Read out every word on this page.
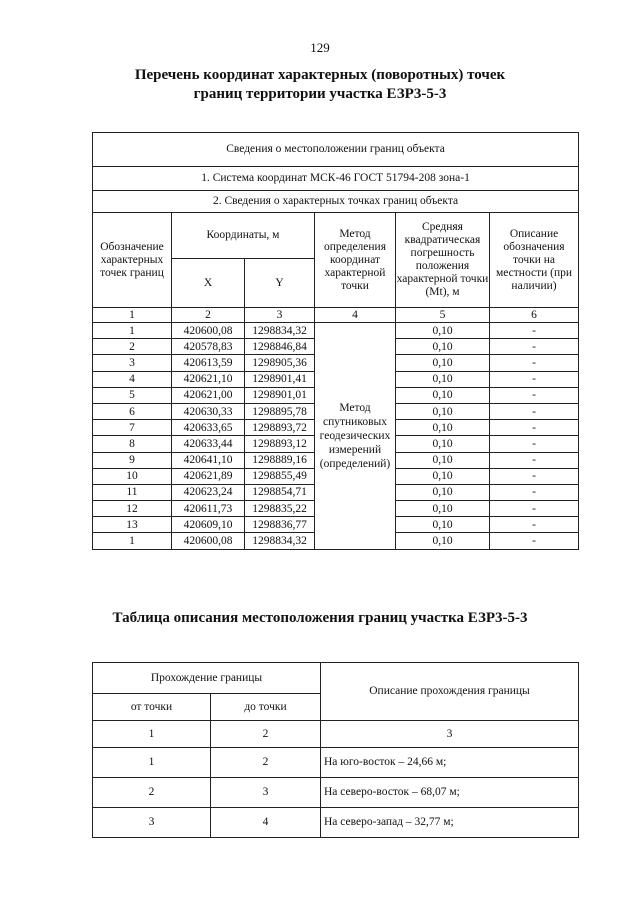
129
Перечень координат характерных (поворотных) точек
границ территории участка ЕЗР3-5-3
Сведения о местоположении границ объекта					
1. Система координат МСК-46 ГОСТ 51794-208 зона-1					
2. Сведения о характерных точках границ объекта					
Обозначение характерных точек границ	Координаты, м		Метод определения координат характерной точки	Средняя квадратическая погрешность положения характерной точки (Mt), м	Описание обозначения точки на местности (при наличии)
	X	Y			
1	2	3	4	5	6
1	420600,08	1298834,32	Метод спутниковых геодезических измерений (определений)	0,10	-
2	420578,83	1298846,84		0,10	-
3	420613,59	1298905,36		0,10	-
4	420621,10	1298901,41		0,10	-
5	420621,00	1298901,01		0,10	-
6	420630,33	1298895,78		0,10	-
7	420633,65	1298893,72		0,10	-
8	420633,44	1298893,12		0,10	-
9	420641,10	1298889,16		0,10	-
10	420621,89	1298855,49		0,10	-
11	420623,24	1298854,71		0,10	-
12	420611,73	1298835,22		0,10	-
13	420609,10	1298836,77		0,10	-
1	420600,08	1298834,32		0,10	-
Таблица описания местоположения границ участка ЕЗР3-5-3
Прохождение границы		Описание прохождения границы
от точки	до точки	
1	2	3
1	2	На юго-восток – 24,66 м;
2	3	На северо-восток – 68,07 м;
3	4	На северо-запад – 32,77 м;
